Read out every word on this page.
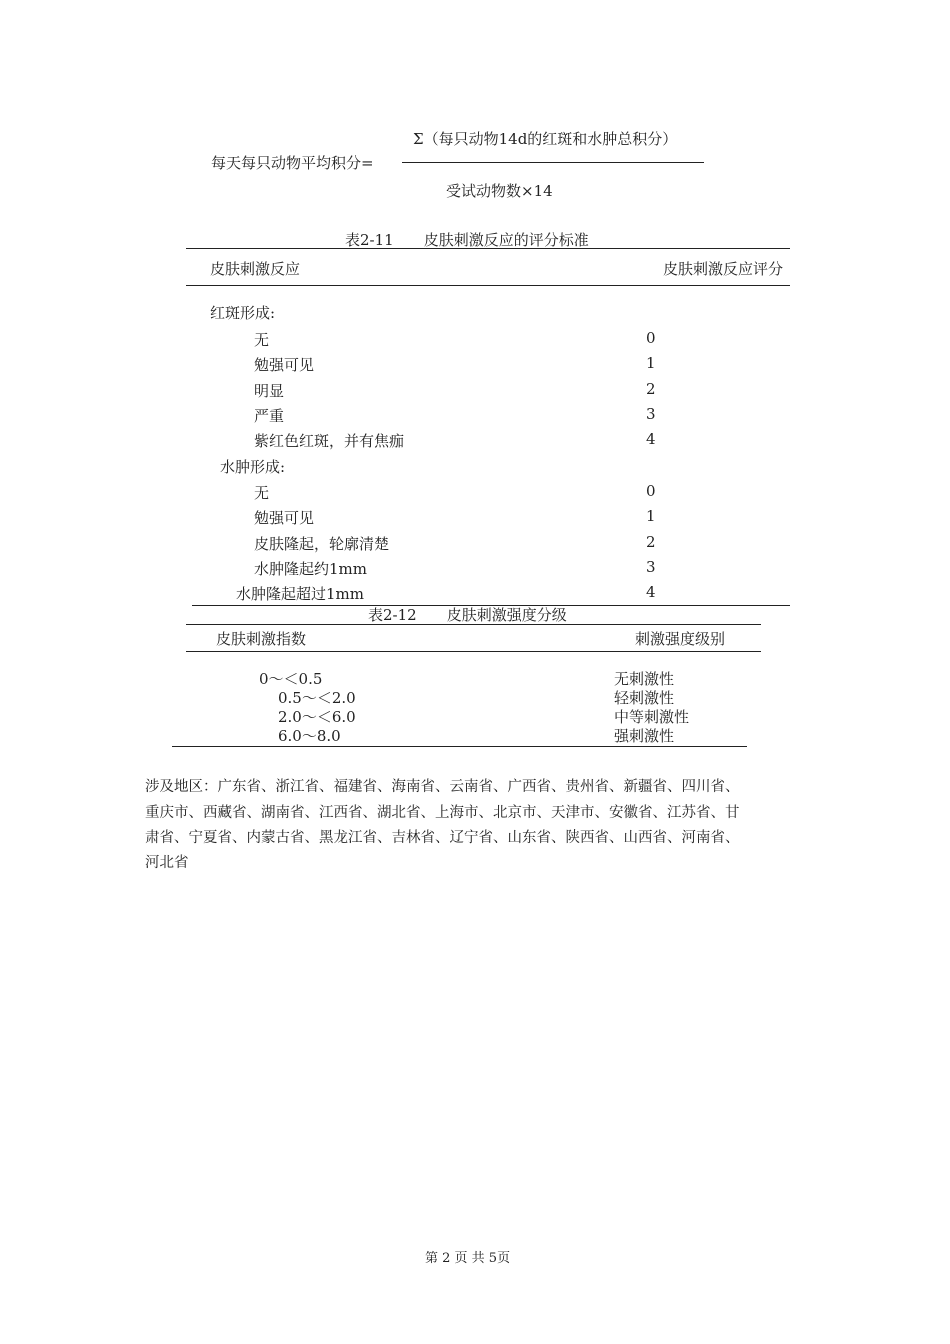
每天每只动物平均积分=
Σ（每只动物14d的红斑和水肿总积分）
受试动物数×14
表2-11　　皮肤刺激反应的评分标准
皮肤刺激反应	皮肤刺激反应评分
红斑形成:
无	0
勉强可见	1
明显	2
严重	3
紫红色红斑，并有焦痂	4
水肿形成:
无	0
勉强可见	1
皮肤隆起，轮廓清楚	2
水肿隆起约1mm	3
水肿隆起超过1mm	4
表2-12　　皮肤刺激强度分级
皮肤刺激指数	刺激强度级别
0～＜0.5	无刺激性
0.5～＜2.0	轻刺激性
2.0～＜6.0	中等刺激性
6.0～8.0	强刺激性
涉及地区：广东省、浙江省、福建省、海南省、云南省、广西省、贵州省、新疆省、四川省、
重庆市、西藏省、湖南省、江西省、湖北省、上海市、北京市、天津市、安徽省、江苏省、甘
肃省、宁夏省、内蒙古省、黑龙江省、吉林省、辽宁省、山东省、陕西省、山西省、河南省、
河北省
第 2 页 共 5页
